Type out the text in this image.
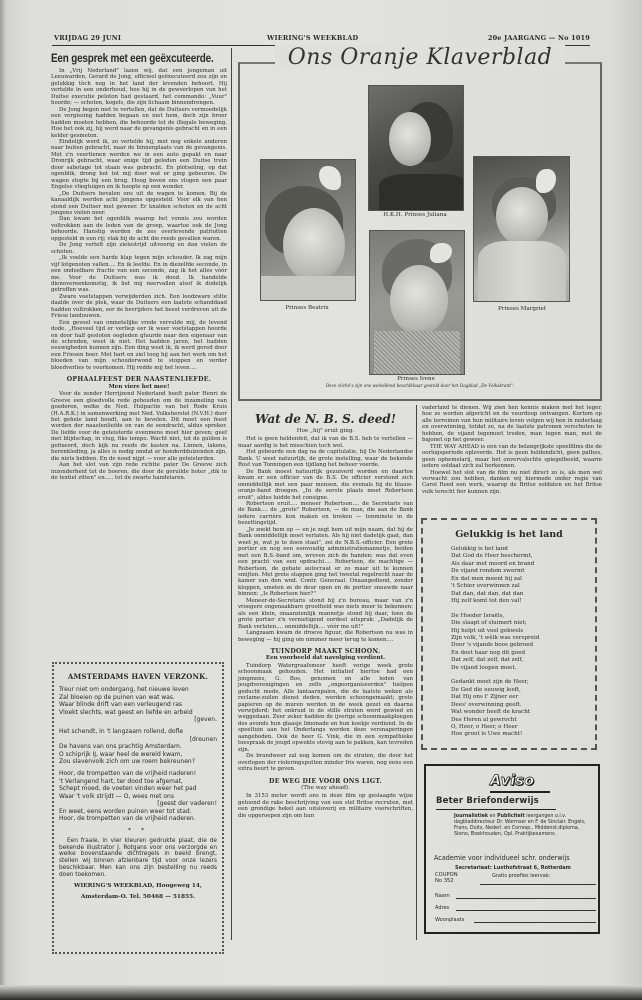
VRIJDAG 29 JUNI	WIERING'S WEEKBLAD	20e JAARGANG — No 1019
Een gesprek met een geëxcuteerde.

In „Vrij Nederland" lazen wij, dat een jongeman uit Leeuwarden, Gerard de Jong, officieel geëxecuteerd zou zijn en gelukkig tòch nog in het land der levenden behoort. Hij vertelde in een onderhoud, hoe hij in de geweerlopen van het Duitse executie peloton had gestaard, het commando: „Vuur" hoorde; — schoten, kogels, die zijn lichaam binnendrongen.

De Jong begon met te vertellen, dat de Duitsers vermoedelijk een vergissing hadden begaan en niet hem, doch zijn broer hadden moeten hebben, die behoorde tot de illegale beweging. Hoe het ook zij, hij werd naar de gevangenis gebracht en in een kelder gesmeten.

Eindelijk werd ik, zo vertelde hij, met nog enkele anderen naar buiten gebracht, naar de binnenplaats van de gevangenis. Met z'n veertienen werden we in een auto gepakt en naar Dronrijk gebracht, waar enige tijd geleden een Duitse trein door sabotage tot staan was gebracht. En plotseling, op dat ogenblik, drong het tot mij door wat er ging gebeuren. De wagen stopte bij een brug. Hoog boven ons vlogen een paar Engelse vliegtuigen en ik hoopte op een wonder.

„De Duitsers bevalen ons uit de wagen te komen. Bij de kanaaldijk werden acht jongens opgesteld. Voor elk van hen stond een Duitser met geweer. Er knalden schoten en de acht jongens vielen neer.

Dan kwam het ogenblik waarop het vonnis zou worden voltrokken aan de leden van de groep, waartoe ook de Jong behoorde. Hanstig werden de zes overlevende patriotten opgesteld in een rij; vlak bij de acht die reeds gevallen waren.

De Jong vertelt zijn zielestrijd uitvoerig en dan vielen de schoten.

„Ik voelde een harde klap tegen mijn schouder. Ik zag mijn vijf lotgenoten vallen.... En ik leefde. En in diezelfde seconde, in een ondeelbare fractie van een seconde, zag ik het alles vóór me. Voor de Duitsers was ik dood. Ik handelde dienovereenkomstig, ik liet mij neervallen alsof ik dodelijk getroffen was.

Zware voetstappen verwijderden zich. Een loodzware stilte daalde over de plek, waar de Duitsers een laatste schanddaad hadden voltrokken, eer de bevrijders het beest verdreven uit de Friese landouwen.

Een gevoel van onmetelijke vrede vervulde mij, de levend dode. „Hoeveel tijd er verliep eer ik weer voetstappen hoorde en door half gesloten oogleden gluurde naar den eigenaar van de schreden, weet ik niet. Het hadden jaren, het hadden eeuwigheden kunnen zijn. Een ding weet ik, ik werd gered door een Friesen boer. Met hart en ziel toog hij aan het werk om het bloeden van mijn schouderwond te stoppen en verder bloedverlies te voorkomen. Hij redde mij het leven....

OPHAALFEEST DER NAASTENLIEFDE.
Men viere het mee!

Voor de zender Herrijzend Nederland heeft pater Henri de Greeve een gloedvolle rede gehouden om de inzameling van goederen, welke de Ned. Hulpactie van het Rode Kruis (H.A.R.K.) in samenwerking met Ned. Volksherstel (N.V.H.) door het gehele land houdt, aan te bevelen. Dit moet een feest worden der naastenliefde en van de eendracht, aldus spreker. De liefde voor de geteisterde evenmens moet hier geven; geef met blijdschap, in vlug, fiks tempo. Wacht niet, tot de gulden is gefixeerd, doch kijk nu reeds de kasten na. Linnen, lakens, herenkleding, ja alles is nodig omdat er honderdduizenden zijn, die niets hebben. En de nood nijpt — voor alle geteisterden.

Aan het slot van zijn rede richtte pater De Greeve zich inzonderheid tot de boeren, die door de geruilde boter „dik in de textiel zitten" en..... tot de zwarte handelaren.

AMSTERDAMS HAVEN VERZONK.
Treur niet om ondergang, het nieuwe leven
Zal bloeien op de puinen van wat was.
Waar blinde drift van een verleugend ras
Vloekt slechts, wat geest en liefde en arbeid
[geven.
Het schendt, in 't langzaam rollend, dofle
[dreunen
De havens van ons prachtig Amsterdam.
O schiprijk IJ, waar heel de wereld kwam,
Zou slavenvolk zich om uw roem bekreunen?
Hoor, de trompetten van de vrijheid naderen!
't Verlangend hart, ter dood toe afgemat,
Schept moed, de voeten vinden weer het pad
Waar 't volk strijdt — O, wees met ons
[geest der vaderen!
En weet, eens worden puinen weer tot stad.
Hoor, de trompetten van de vrijheid naderen.
* *
Een fraaie, in vier kleuren gedrukte plaat, die de bekende illustrator J. Rotgans voor ons verzorgde en welke bovenstaande dichtregels in beeld brengt, stellen wij binnen afzienbare tijd voor onze lezers beschikbaar. Men kan ons zijn bestelling nu reeds doen toekomen.
WIERING'S WEEKBLAD, Hoogeweg 14,
Amsterdam-O. Tel. 50468 — 51855.
Ons Oranje Klaverblad
H.K.H. Prinses Juliana
Prinses Beatrix
Prinses Irene
Prinses Margriet
Deze cliché's zijn ons welwillend beschikbaar gesteld door het Dagblad „De Volkskrant".
Wat de N. B. S. deed!
Hoe „hij" eruit ging.

Het is geen heldenfeit, dat ik van de B.S. heb te vertellen — maar aardig is het misschien toch wel.

Het gebeurde een dag na de capitulatie, bij De Nederlandse Bank. U weet natuurlijk, de grote instelling, waar de bekende Rost van Tonningen een tijdlang het beheer voerde.

De Bank moest natuurlijk gezuiverd worden en daartoe kwam er een officier van de B.S. De officier verstond zich onmiddellijk met een paar mensen, die evenals hij de blauw-oranje-band droegen. „In de eerste plaats moet Robertson eruit", aldus luidde het consigne.

Robertson eruit.... meneer Robertson.... de Secretaris van de Bank.... de „grote" Robertson, — de man, die aan de Bank iedere carrière kon maken en breken — tenminste in de bezettingstijd.

„Je zoekt hem op — en je zegt hem uit mijn naam, dat hij de Bank onmiddellijk moet verlaten. Als hij niet dadelijk gaat, dan weet je, wat je te doen staat", zei de N.B.S.-officier. Een grote portier en nog een eenvoudig administratiemannetje, beiden met een B.S.-band om, wreven zich de handen: was dat even een pracht van een opdracht.... Robertson, de machtige — Robertson, de gehate autocraat er zo maar uit te kunnen smijten. Met grote stappen ging het tweetal regelrecht naar de kamer van den wnd. Contr. Generaal. Onaangediend, zonder kloppen, smeten ze de deur open en de portier snauwde naar binnen: „Is Robertson hier?"

Meneer-de-Secretaris stond bij z'n bureau, maar van z'n vroegere ongenaakbare grootheid was niets meer te bekennen: als een klein, onaanzienlijk mannetje stond hij daar, toen de grote portier z'n vernietigend oordeel uitsprak: „Dadelijk de Bank verlaten.... onmiddellijk.... vóór me uit!"

Langzaam kwam de droeve figuur, die Robertson nu was in beweging — hij ging om nimmer meer terug te komen....

TUINDORP MAAKT SCHOON.
Een voorbeeld dat navolging verdient.

Tuindorp Watergraafsmeer heeft vorige week grote schoonmaak gehouden. Het initiatief hiertoe had een jongmens, G. Bos, genomen en alle leden van jeugdverenigingen en zelfs „ongeorganiseerden" hielpen geducht mede. Alle lantaarnpalen, die de laatste weken als reclame-zuilen dienst deden, werden schoongemaakt; grote papieren op de muren werden in de week gezet en daarna verwijderd; het onkruid in de stille straten werd gewied en weggedaan. Zeer zeker hadden de ijverige schoonmaakploegen des avonds hun glaasje limonade en hun koekje verdiend. In de speeltuin aan het Onderlangs werden deze versnaperingen aangeboden. Ook de heer G. Vink, die in een sympathieke toespraak de jeugd opwekte stevig aan te pakken, kan tevreden zijn.

De brandweer zal nog komen om de straten, die door het overlopen der rioleringsputten minder fris waren, nog eens een extra beurt te geven.

DE WEG DIE VOOR ONS LIGT.
(The way ahead).

In 3153 meter wordt ons in deze film op geslaagde wijze getoond de rake beschrijving van een stel Britse recruten, met een grondige hekel aan uitsloverij en militaire voorschriften, die opgeroepen zijn om hun

vaderland te dienen. Wij zien hen kennis maken met het leger, hoe ze worden afgericht en de vuurdoop ontvangen. Kortom op alle terreinen van hun militaire leven volgen wij hen in nederlaag en overwinning, totdat ze, na de laatste patronen verschoten te hebben, de vijand tegemoet treden, man tegen man, met de bajonet op het geweer.

THE WAY AHEAD is een van de belangrijkste speelfilms die de oorlogsperiode opleverde. Het is geen heldendicht, geen pathos, geen ophemelarij, maar het onvervalschte spiegelbeeld, waarin iedere soldaat zich zal herkennen.

Hoewel het slot van de film nu niet direct zo is, als men wel verwacht zou hebben, danken wij hiermede onder regie van Carol Reed een werk, waarop de Britse soldaten en het Britse volk terecht fier kunnen zijn.

Gelukkig is het land
Gelukkig is het land
Dat God de Heer beschermt,
Als daar met moord en brand
De vijand rondom zwermt
En dat men meent hij zal
't Schier overwinnen zal
Dat dan, dat dan, dat dan
Hij zelf komt tot den val!
De Hoeder Israëls,
Die slaapt of sluimert niet;
Hij helpt uit veel gekwels
Zijn volk, 't wèlk was verspreid
Door 's vijands boos gebroed
En doet haar nog dit goed
Dat zelf, dat zelf, dat zelf,
De vijand loopen moet.
Gedankt moet zijn de Heer,
De God die eeuwig leeft,
Dat Hij ons t' Zijner eer
Dees' overwinning geeft.
Wat wonder heeft de kracht
Des Heren al gewrocht
O, Heer, o Heer, o Heer
Hoe groot is Uwe macht!
Aviso
Beter Briefonderwijs
Journalistiek en Publiciteit leergangen o.l.v. dagbladdirecteur Dr. Wormser en F. de Sinclair. Engels, Frans, Duits, Nederl. en Corresp., Middenst.diploma, Steno, Boekhouden, Opl. Praktijkexamens.
Academie voor individueel schr. onderwijs
Secretariaat: Lusthofstraat 6, Rotterdam
COUPON
No 352
Gratis proefles leervak:
Naam
Adres
Woonplaats
